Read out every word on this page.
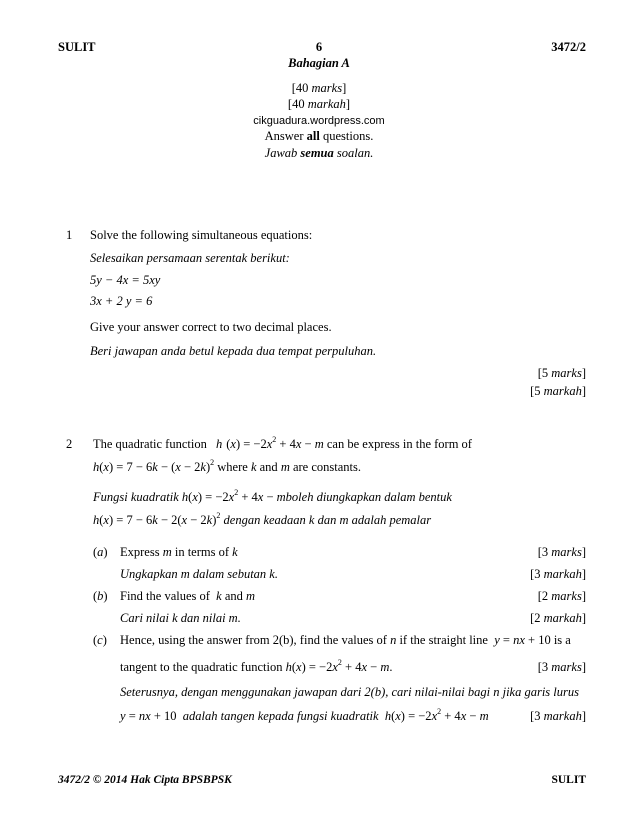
SULIT	6	3472/2
Bahagian A
[40 marks]
[40 markah]
cikguadura.wordpress.com
Answer all questions.
Jawab semua soalan.
1 Solve the following simultaneous equations:
Selesaikan persamaan serentak berikut:
5y − 4x = 5xy
3x + 2 y = 6
Give your answer correct to two decimal places.
Beri jawapan anda betul kepada dua tempat perpuluhan.
[5 marks]
[5 markah]
2 The quadratic function h $(x) = -2x^2 + 4x - m$ can be express in the form of
$h(x) = 7 - 6k - (x - 2k)^2$ where k and m are constants.
Fungsi kuadratik $h(x) = -2x^2 + 4x$ − mboleh diungkapkan dalam bentuk
$h(x) = 7 - 6k - 2(x - 2k)^2$ dengan keadaan k dan m adalah pemalar
(a) Express m in terms of k	[3 marks]
Ungkapkan m dalam sebutan k.	[3 markah]
(b) Find the values of  k and m	[2 marks]
Cari nilai k dan nilai m.	[2 markah]
(c) Hence, using the answer from 2(b), find the values of n if the straight line  y = nx + 10 is a
tangent to the quadratic function $h(x) = -2x^2 + 4x - m$.	[3 marks]
Seterusnya, dengan menggunakan jawapan dari 2(b), cari nilai-nilai bagi n jika garis lurus
y = nx + 10  adalah tangen kepada fungsi kuadratik $h(x) = -2x^2 + 4x - m$	[3 markah]
3472/2 © 2014 Hak Cipta BPSBPSK	SULIT
